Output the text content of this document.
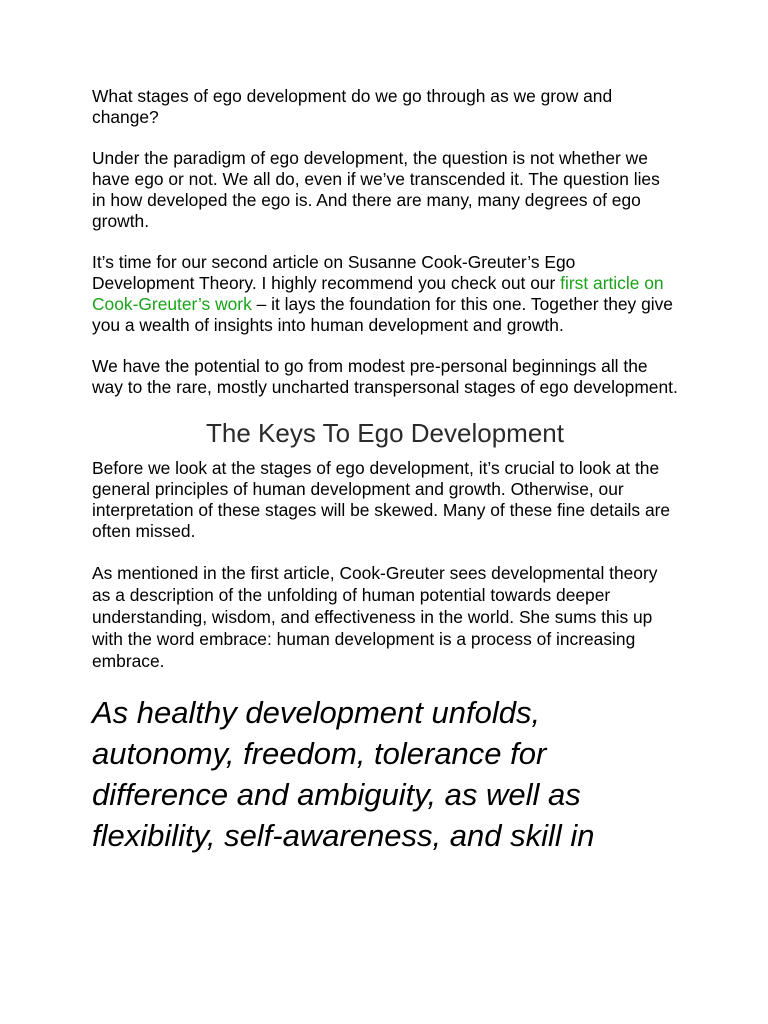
What stages of ego development do we go through as we grow and change?

Under the paradigm of ego development, the question is not whether we have ego or not. We all do, even if we’ve transcended it. The question lies in how developed the ego is. And there are many, many degrees of ego growth.

It’s time for our second article on Susanne Cook-Greuter’s Ego Development Theory. I highly recommend you check out our first article on Cook-Greuter’s work – it lays the foundation for this one. Together they give you a wealth of insights into human development and growth.

We have the potential to go from modest pre-personal beginnings all the way to the rare, mostly uncharted transpersonal stages of ego development.

The Keys To Ego Development

Before we look at the stages of ego development, it’s crucial to look at the general principles of human development and growth. Otherwise, our interpretation of these stages will be skewed. Many of these fine details are often missed.

As mentioned in the first article, Cook-Greuter sees developmental theory as a description of the unfolding of human potential towards deeper understanding, wisdom, and effectiveness in the world. She sums this up with the word embrace: human development is a process of increasing embrace.

As healthy development unfolds, autonomy, freedom, tolerance for difference and ambiguity, as well as flexibility, self-awareness, and skill in
